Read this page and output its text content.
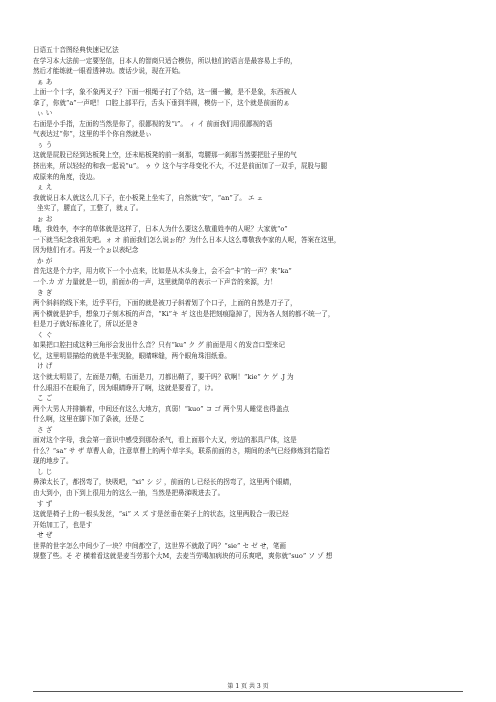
日语五十音图经典快速记忆法
在学习本大法前一定要坚信，日本人的智商只适合模仿，所以他们的语言是最容易上手的，
然后才能练就一眼看透神功。废话少说，现在开始。
ぁ あ
上面一个十字，象不象两叉子？下面一根绳子打了个结，这一圈一撇，是不是象，东西被人
拿了，你就“a”一声吧！ 口腔上部平行，舌头下垂到半圆，模仿一下，这个就是前面的ぁ
ぃ い
右面是小手指，左面的当然是你了，很鄙视的发“i”。 ィ イ 前面我们用很鄙视的语
气表达过“你”，这里的半个你自然就是ぃ
ぅ う
这就是屁股已经到达板凳上空，还未贴板凳的前一刹那，弯腰那一刹那当然要把肚子里的气
挤出来，所以轻轻的和我一起说“u”。 ゥ ウ 这个与字母变化不大，不过是前面加了一双手，屁股与腿
成原来的角度，没边。
ぇ え
我就说日本人就这么几下子，在小板凳上坐实了，自然就“安”，“an”了。 エ ェ
坐实了，腰直了，工整了，就ぇ了。
ぉ お
哦，我姓李，李字的草体就是这样了，日本人为什么要这么敬重姓李的人呢？大家就“o”
一下就当纪念我祖先吧。ォ オ 前面我们怎么说ぉ的？为什么日本人这么尊敬我李家的人呢，答案在这里，
因为他们有才。再发一个ぉ以表纪念
か が
首先这是个力字，用力吹下一个小点来，比如是从木头身上，会不会“卡”的一声？来“ka”
一个.カ ガ 力量就是一切，前面か的一声，这里就简单的表示一下声音的来源，力！
き ぎ
两个斜斜的线下来，近乎平行，下面的就是被刀子斜着划了个口子，上面的自然是刀子了，
两个横就是护手，想象刀子刻木板的声音，“Ki”キ ギ 这也是把刻痕隐掉了，因为各人刻的都不统一了，
但是刀子就好标准化了，所以还是き
く ぐ
如果把口腔扫成这种三角形会发出什么音？只有“ku” ク グ 前面是用く的发音口型来记
忆，这里明显描绘的就是半张哭脸，眼睛咪缝，两个眼角珠泪纸垂。
け げ
这个就太明显了，左面是刀鞘，右面是刀，刀都出鞘了，要干吗？砍啊！“kie” ケ ゲ .J 为
什么眼泪不在眼角了，因为眼睛睁开了啊，这就是要看了，け。
こ ご
两个大男人并排躺着，中间还有这么大地方，真弱！“kuo” コ ゴ 两个男人睡觉也得盖点
什么啊，这里在脚下加了条被，还是こ
さ ざ
面对这个字母，我会第一意识中感受到那份杀气，看上面那个大叉，旁边的那具尸体，这是
什么？“sa” サ ザ 草曹人命，注意草曹上的两个草字头，联系前面的さ，期间的杀气已经修炼到若隐若
现的地步了。
し じ
鼻涕太长了，都拐弯了，快吸吧，“xi” シ ジ ，前面的し已经长的拐弯了，这里两个眼睛，
由大到小，由下到上很用力的这么一抽，当然是把鼻涕吸进去了。
す ず
这就是椅子上的一根头发丝，“si” ス ズ す是丝垂在架子上的状态，这里两股合一股已经
开始加工了，也是す
せ ぜ
世界的世字怎么中间少了一块？中间都空了，这世界不就散了吗？“sie” セ ゼ せ，笔画
规整了些。そ ぞ 横着看这就是麦当劳那个大M，去麦当劳喝加病块的可乐爽吧，爽你就“suo” ソ ゾ 想
第 1 页 共 3 页
